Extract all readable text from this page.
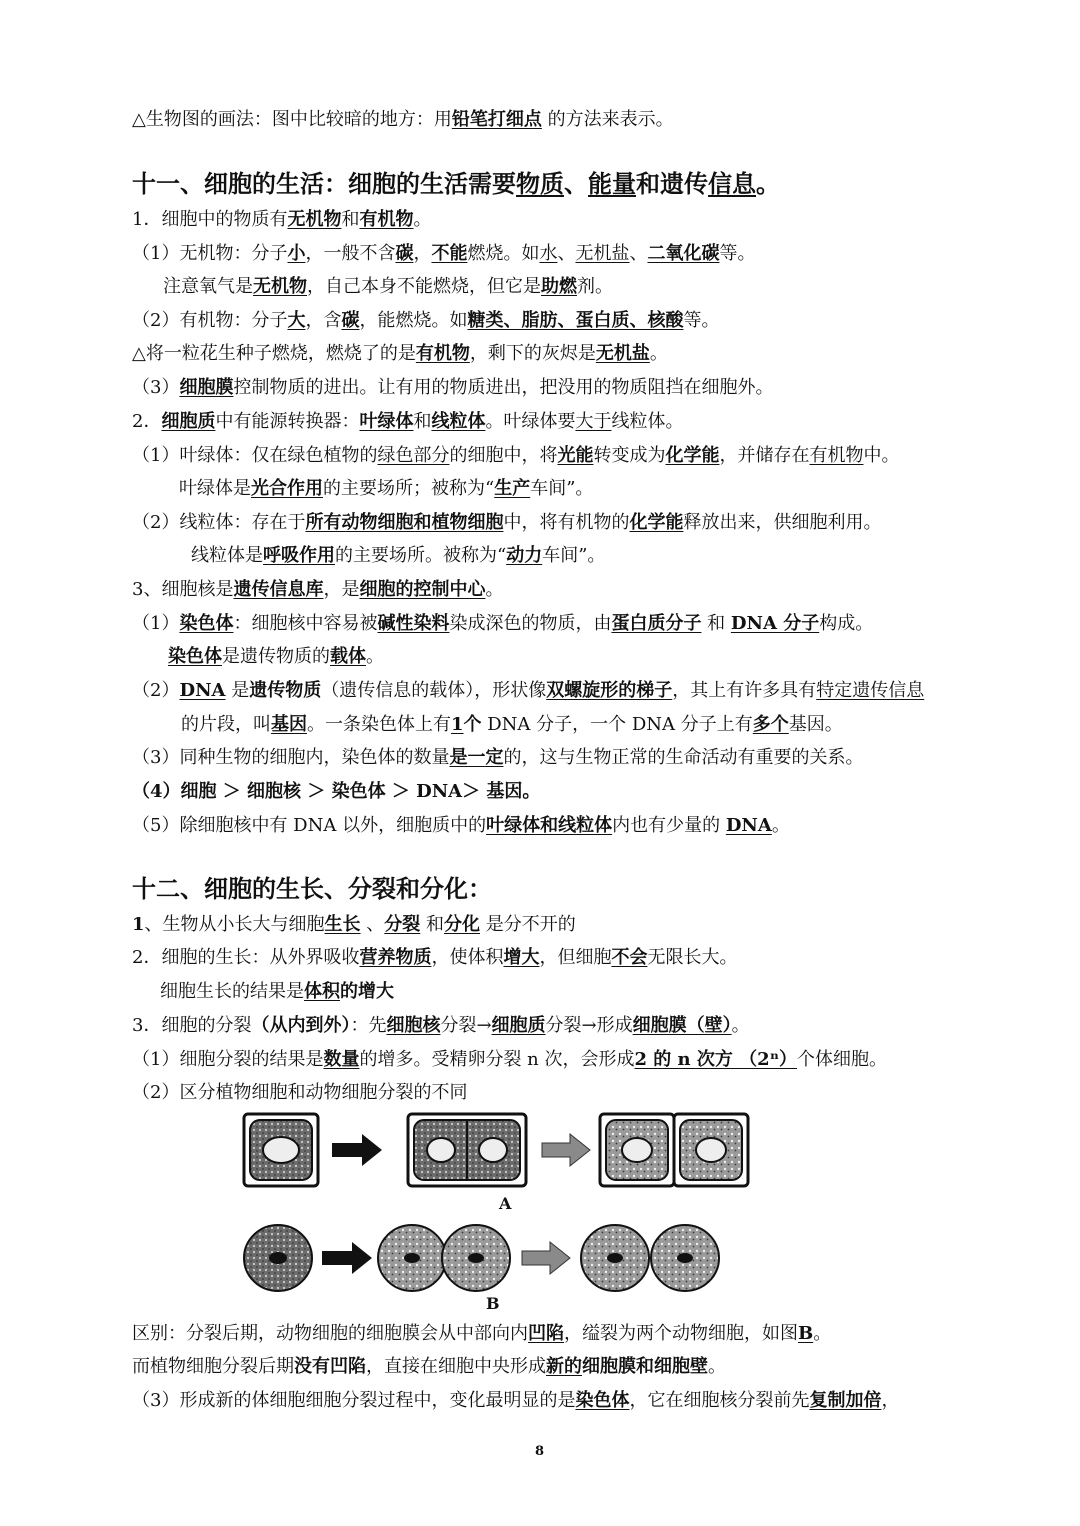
△生物图的画法：图中比较暗的地方：用铅笔打细点 的方法来表示。
十一、细胞的生活：细胞的生活需要物质、能量和遗传信息。
1．细胞中的物质有无机物和有机物。
（1）无机物：分子小，一般不含碳，不能燃烧。如水、无机盐、二氧化碳等。
注意氧气是无机物，自己本身不能燃烧，但它是助燃剂。
（2）有机物：分子大，含碳，能燃烧。如糖类、脂肪、蛋白质、核酸等。
△将一粒花生种子燃烧，燃烧了的是有机物，剩下的灰烬是无机盐。
（3）细胞膜控制物质的进出。让有用的物质进出，把没用的物质阻挡在细胞外。
2．细胞质中有能源转换器：叶绿体和线粒体。叶绿体要大于线粒体。
（1）叶绿体：仅在绿色植物的绿色部分的细胞中，将光能转变成为化学能，并储存在有机物中。
叶绿体是光合作用的主要场所；被称为“生产车间”。
（2）线粒体：存在于所有动物细胞和植物细胞中，将有机物的化学能释放出来，供细胞利用。
线粒体是呼吸作用的主要场所。被称为“动力车间”。
3、细胞核是遗传信息库，是细胞的控制中心。
（1）染色体：细胞核中容易被碱性染料染成深色的物质，由蛋白质分子 和 DNA 分子构成。
染色体是遗传物质的载体。
（2）DNA 是遗传物质（遗传信息的载体），形状像双螺旋形的梯子，其上有许多具有特定遗传信息
的片段，叫基因。一条染色体上有1个 DNA 分子，一个 DNA 分子上有多个基因。
（3）同种生物的细胞内，染色体的数量是一定的，这与生物正常的生命活动有重要的关系。
（4）细胞 ＞ 细胞核 ＞ 染色体 ＞ DNA＞ 基因。
（5）除细胞核中有 DNA 以外，细胞质中的叶绿体和线粒体内也有少量的 DNA。
十二、细胞的生长、分裂和分化：
1、生物从小长大与细胞生长 、分裂 和分化 是分不开的
2．细胞的生长：从外界吸收营养物质，使体积增大，但细胞不会无限长大。
细胞生长的结果是体积的增大
3．细胞的分裂（从内到外）：先细胞核分裂→细胞质分裂→形成细胞膜（壁）。
（1）细胞分裂的结果是数量的增多。受精卵分裂 n 次，会形成2 的 n 次方 （2ⁿ）个体细胞。
（2）区分植物细胞和动物细胞分裂的不同
区别：分裂后期，动物细胞的细胞膜会从中部向内凹陷，缢裂为两个动物细胞，如图B。
而植物细胞分裂后期没有凹陷，直接在细胞中央形成新的细胞膜和细胞壁。
（3）形成新的体细胞细胞分裂过程中，变化最明显的是染色体，它在细胞核分裂前先复制加倍，
A
B
8
